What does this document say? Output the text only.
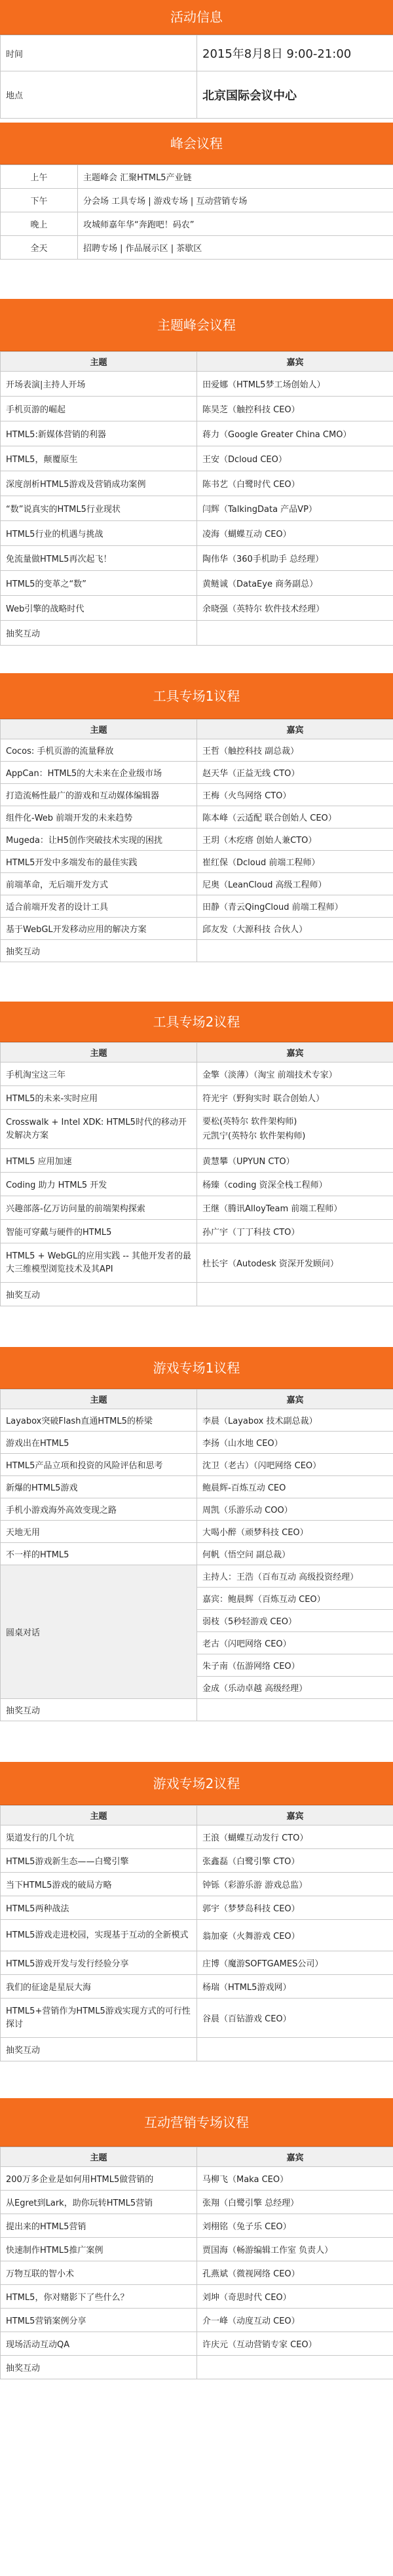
活动信息
时间	2015年8月8日 9:00-21:00
地点	北京国际会议中心
峰会议程
上午	主题峰会 汇聚HTML5产业链
下午	分会场 工具专场 | 游戏专场 | 互动营销专场
晚上	攻城师嘉年华“奔跑吧！码农”
全天	招聘专场 | 作品展示区 | 茶歇区
主题峰会议程
主题	嘉宾
开场表演|主持人开场	田爱娜（HTML5梦工场创始人）
手机页游的崛起	陈昊芝（触控科技 CEO）
HTML5:新媒体营销的利器	蒋力（Google Greater China CMO）
HTML5，颠覆原生	王安（Dcloud CEO）
深度剖析HTML5游戏及营销成功案例	陈书艺（白鹭时代 CEO）
“数”说真实的HTML5行业现状	闫辉（TalkingData 产品VP）
HTML5行业的机遇与挑战	凌海（蝴蝶互动 CEO）
免流量做HTML5再次起飞！	陶伟华（360手机助手 总经理）
HTML5的变革之“数”	黄鲢诚（DataEye 商务副总）
Web引擎的战略时代	余晓强（英特尔 软件技术经理）
抽奖互动	
工具专场1议程
主题	嘉宾
Cocos: 手机页游的流量释放	王哲（触控科技 副总裁）
AppCan：HTML5的大未来在企业级市场	赵天华（正益无线 CTO）
打造流畅性最广的游戏和互动媒体编辑器	王梅（火鸟网络 CTO）
组件化-Web 前端开发的未来趋势	陈本峰（云适配 联合创始人 CEO）
Mugeda：让H5创作突破技术实现的困扰	王玥（木疙瘩 创始人兼CTO）
HTML5开发中多端发布的最佳实践	崔红保（Dcloud 前端工程师）
前端革命，无后端开发方式	尼奥（LeanCloud 高级工程师）
适合前端开发者的设计工具	田静（青云QingCloud 前端工程师）
基于WebGL开发移动应用的解决方案	邱友发（大源科技 合伙人）
抽奖互动	
工具专场2议程
主题	嘉宾
手机淘宝这三年	金擎（淡薄）（淘宝 前端技术专家）
HTML5的未来-实时应用	符光宇（野狗实时 联合创始人）
Crosswalk + Intel XDK: HTML5时代的移动开发解决方案	要松(英特尔 软件架构师)
元凯宁(英特尔 软件架构师)
HTML5 应用加速	黄慧攀（UPYUN CTO）
Coding 助力 HTML5 开发	杨臻（coding 资深全栈工程师）
兴趣部落-亿万访问量的前端架构探索	王继（腾讯AlloyTeam 前端工程师）
智能可穿戴与硬件的HTML5	孙广宇（丁丁科技 CTO）
HTML5 + WebGL的应用实践 -- 其他开发者的最大三维模型浏览技术及其API	杜长宇（Autodesk 资深开发顾问）
抽奖互动	
游戏专场1议程
主题	嘉宾
Layabox突破Flash直通HTML5的桥梁	李晨（Layabox 技术副总裁）
游戏出在HTML5	李扬（山水地 CEO）
HTML5产品立项和投资的风险评估和思考	沈卫（老古）（闪吧网络 CEO）
新爆的HTML5游戏	鲍晨辉-百炼互动 CEO
手机小游戏海外高效变现之路	周凯（乐游乐动 COO）
天地无用	大喝小醉（顽梦科技 CEO）
不一样的HTML5	何帆（悟空问 副总裁）
圆桌对话	主持人：王浩（百布互动 高级投资经理）
	嘉宾：鲍晨辉（百炼互动 CEO）
	弱枝（5秒轻游戏 CEO）
	老古（闪吧网络 CEO）
	朱子南（伍游网络 CEO）
	金成（乐动卓越 高级经理）
抽奖互动	
游戏专场2议程
主题	嘉宾
渠道发行的几个坑	王浪（蝴蝶互动发行 CTO）
HTML5游戏新生态——白鹭引擎	张鑫磊（白鹭引擎 CTO）
当下HTML5游戏的破局方略	钟铄（彩游乐游 游戏总监）
HTML5两种战法	郭宇（梦梦岛科技 CEO）
HTML5游戏走进校园，实现基于互动的全新模式	翁加豪（火舞游戏 CEO）
HTML5游戏开发与发行经验分享	庄博（魔游SOFTGAMES公司）
我们的征途是星辰大海	杨瑞（HTML5游戏网）
HTML5+营销作为HTML5游戏实现方式的可行性探讨	谷晨（百钻游戏 CEO）
抽奖互动	
互动营销专场议程
主题	嘉宾
200万多企业是如何用HTML5做营销的	马柳飞（Maka CEO）
从Egret到Lark，助你玩转HTML5营销	张翔（白鹭引擎 总经理）
提出来的HTML5营销	刘栩铭（兔子乐 CEO）
快速制作HTML5推广案例	贾国海（畅游编辑工作室 负责人）
万物互联的智小术	孔燕斌（微视网络 CEO）
HTML5，你对赌影下了些什么？	刘坤（奇思时代 CEO）
HTML5营销案例分享	介一峰（动度互动 CEO）
现场活动互动QA	许庆元（互动营销专家 CEO）
抽奖互动	
